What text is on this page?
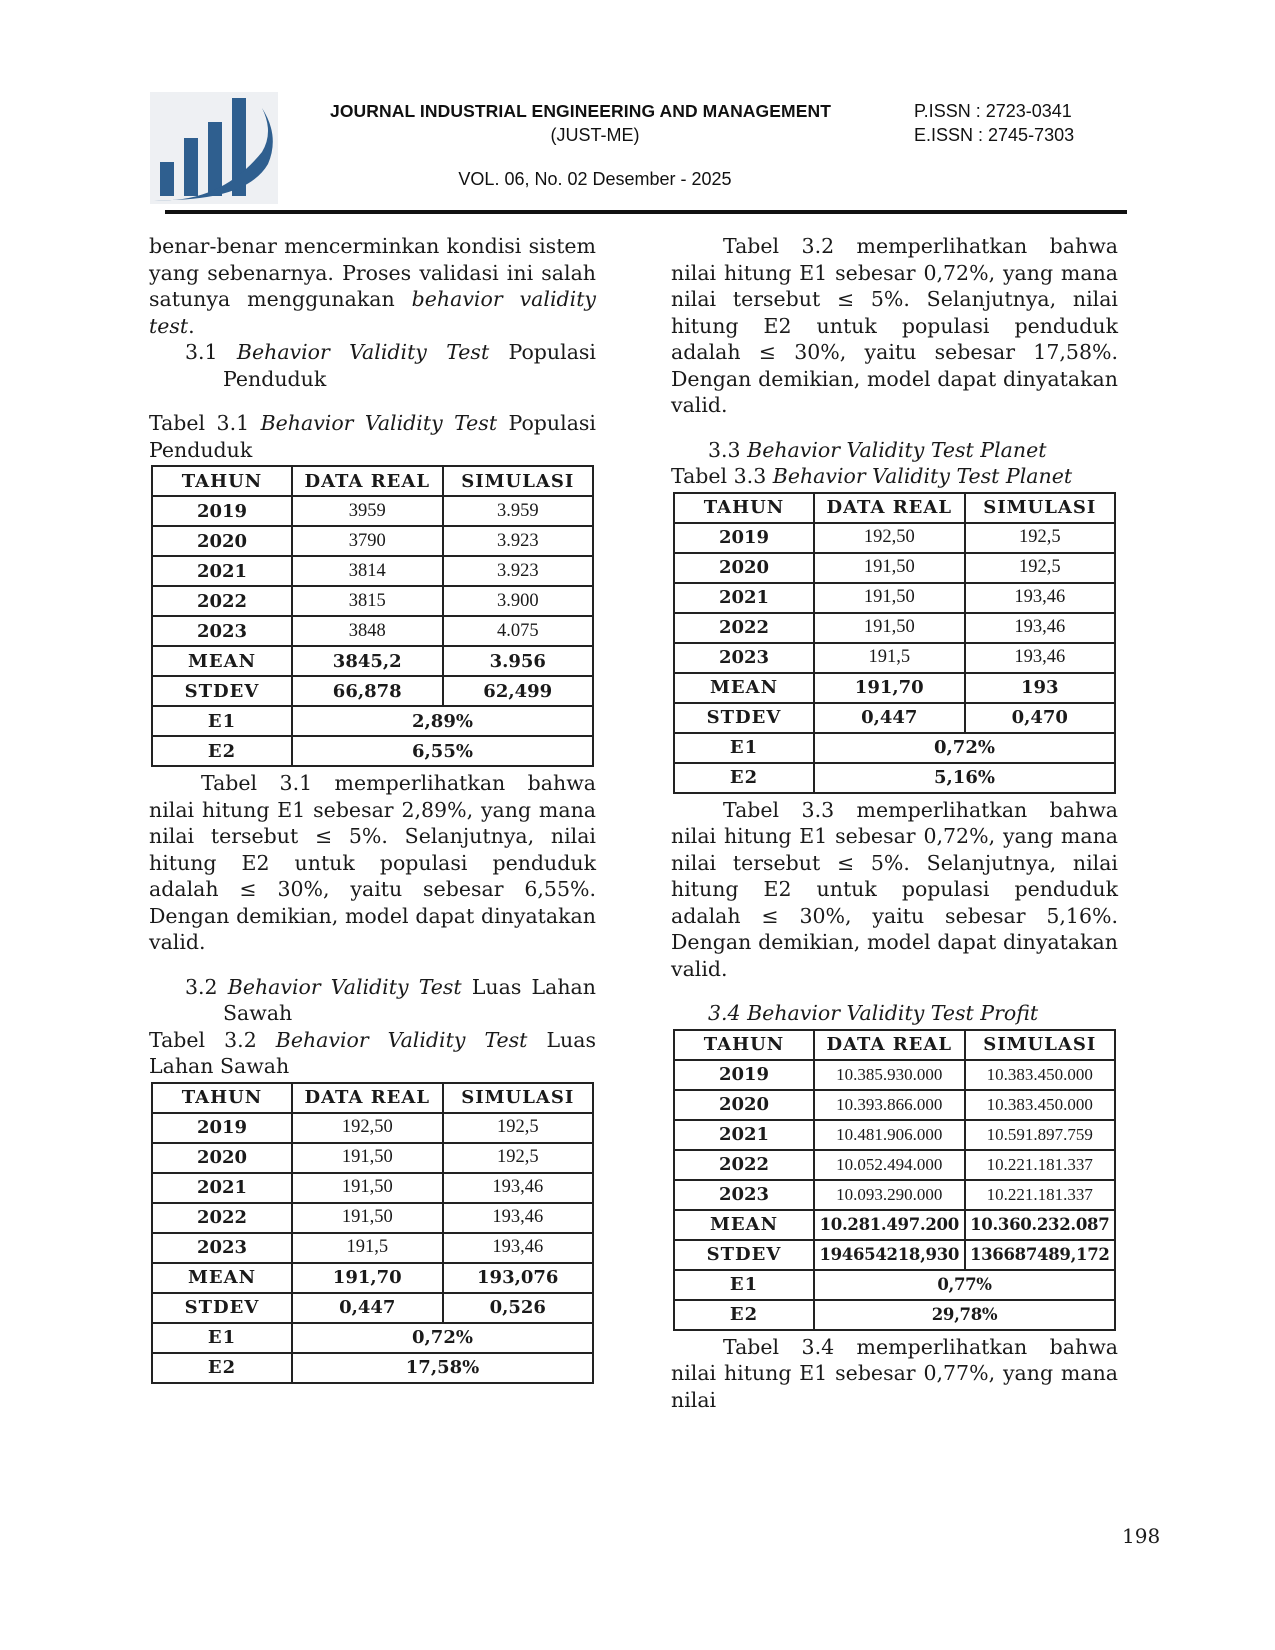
JOURNAL INDUSTRIAL ENGINEERING AND MANAGEMENT
(JUST-ME)
VOL. 06, No. 02 Desember - 2025
P.ISSN : 2723-0341
E.ISSN : 2745-7303

benar-benar mencerminkan kondisi sistem yang sebenarnya. Proses validasi ini salah satunya menggunakan behavior validity test.

3.1 Behavior Validity Test Populasi Penduduk

Tabel 3.1 Behavior Validity Test Populasi Penduduk

TAHUN	DATA REAL	SIMULASI
2019	3959	3.959
2020	3790	3.923
2021	3814	3.923
2022	3815	3.900
2023	3848	4.075
MEAN	3845,2	3.956
STDEV	66,878	62,499
E1	2,89%	
E2	6,55%	

Tabel 3.1 memperlihatkan bahwa nilai hitung E1 sebesar 2,89%, yang mana nilai tersebut ≤ 5%. Selanjutnya, nilai hitung E2 untuk populasi penduduk adalah ≤ 30%, yaitu sebesar 6,55%. Dengan demikian, model dapat dinyatakan valid.

3.2 Behavior Validity Test Luas Lahan Sawah

Tabel 3.2 Behavior Validity Test Luas Lahan Sawah

TAHUN	DATA REAL	SIMULASI
2019	192,50	192,5
2020	191,50	192,5
2021	191,50	193,46
2022	191,50	193,46
2023	191,5	193,46
MEAN	191,70	193,076
STDEV	0,447	0,526
E1	0,72%	
E2	17,58%	

Tabel 3.2 memperlihatkan bahwa nilai hitung E1 sebesar 0,72%, yang mana nilai tersebut ≤ 5%. Selanjutnya, nilai hitung E2 untuk populasi penduduk adalah ≤ 30%, yaitu sebesar 17,58%. Dengan demikian, model dapat dinyatakan valid.

3.3 Behavior Validity Test Planet

Tabel 3.3 Behavior Validity Test Planet

TAHUN	DATA REAL	SIMULASI
2019	192,50	192,5
2020	191,50	192,5
2021	191,50	193,46
2022	191,50	193,46
2023	191,5	193,46
MEAN	191,70	193
STDEV	0,447	0,470
E1	0,72%	
E2	5,16%	

Tabel 3.3 memperlihatkan bahwa nilai hitung E1 sebesar 0,72%, yang mana nilai tersebut ≤ 5%. Selanjutnya, nilai hitung E2 untuk populasi penduduk adalah ≤ 30%, yaitu sebesar 5,16%. Dengan demikian, model dapat dinyatakan valid.

3.4 Behavior Validity Test Profit

TAHUN	DATA REAL	SIMULASI
2019	10.385.930.000	10.383.450.000
2020	10.393.866.000	10.383.450.000
2021	10.481.906.000	10.591.897.759
2022	10.052.494.000	10.221.181.337
2023	10.093.290.000	10.221.181.337
MEAN	10.281.497.200	10.360.232.087
STDEV	194654218,930	136687489,172
E1	0,77%	
E2	29,78%	

Tabel 3.4 memperlihatkan bahwa nilai hitung E1 sebesar 0,77%, yang mana nilai

198
